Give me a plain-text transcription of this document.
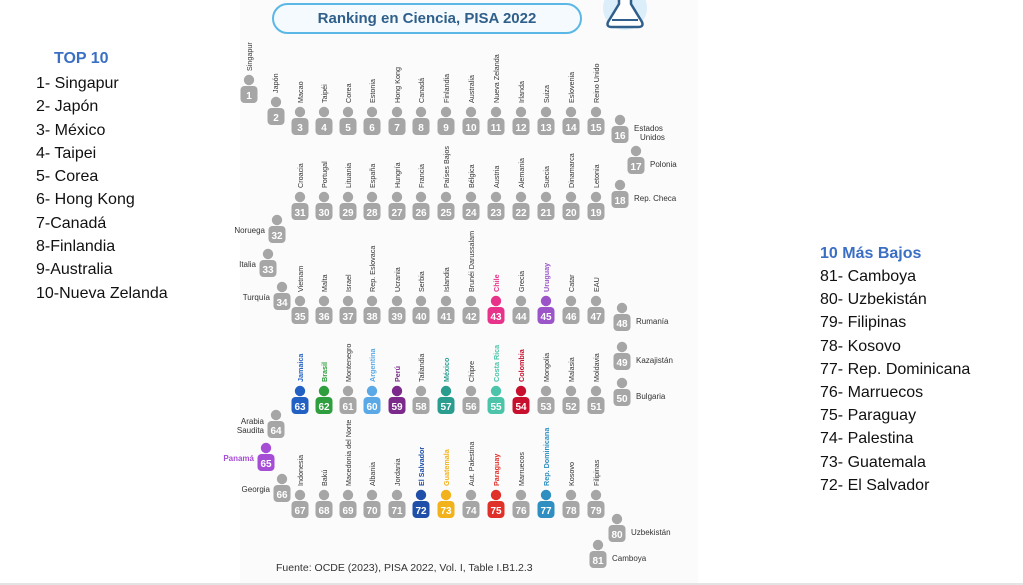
TOP 10
1- Singapur
2- Japón
3- México
4- Taipei
5- Corea
6- Hong Kong
7-Canadá
8-Finlandia
9-Australia
10-Nueva Zelanda
1
Singapur
2
Japón
3
Macao
4
Taipéi
5
Corea
6
Estonia
7
Hong Kong
8
Canadá
9
Finlandia
10
Australia
11
Nueva Zelanda
12
Irlanda
13
Suiza
14
Eslovenia
15
Reino Unido
16
Estados Unidos
17 Polonia
18 Rep. Checa
19
Letonia
20
Dinamarca
21
Suecia
22
Alemania
23
Austria
24
Bélgica
25
Países Bajos
26
Francia
27
Hungría
28
España
29
Lituania
30
Portugal
31
Croacia
32
Noruega
33
Italia
34
Turquía
35
Vietnam
36
Malta
37
Israel
38
Rep. Eslovaca
39
Ucrania
40
Serbia
41
Islandia
42
Brunéi Darussalam
43
Chile
44
Grecia
45
Uruguay
46
Catar
47
EAU
48 Rumanía
49 Kazajistán
50 Bulgaria
51
Moldavia
52
Malasia
53
Mongolia
54
Colombia
55
Costa Rica
56
Chipre
57
México
58
Tailandia
59
Perú
60
Argentina
61
Montenegro
62
Brasil
63
Jamaica
64
Arabia Saudita
65
Panamá
66
Georgia
67
Indonesia
68
Bakú
69
Macedonia del Norte
70
Albania
71
Jordania
72
El Salvador
73
Guatemala
74
Aut. Palestina
75
Paraguay
76
Marruecos
77
Rep. Dominicana
78
Kosovo
79
Filipinas
80 Uzbekistán
81 Camboya
Ranking en Ciencia, PISA 2022
Fuente: OCDE (2023), PISA 2022, Vol. I, Table I.B1.2.3
10 Más Bajos
81- Camboya
80- Uzbekistán
79- Filipinas
78- Kosovo
77- Rep. Dominicana
76- Marruecos
75- Paraguay
74- Palestina
73- Guatemala
72- El Salvador
